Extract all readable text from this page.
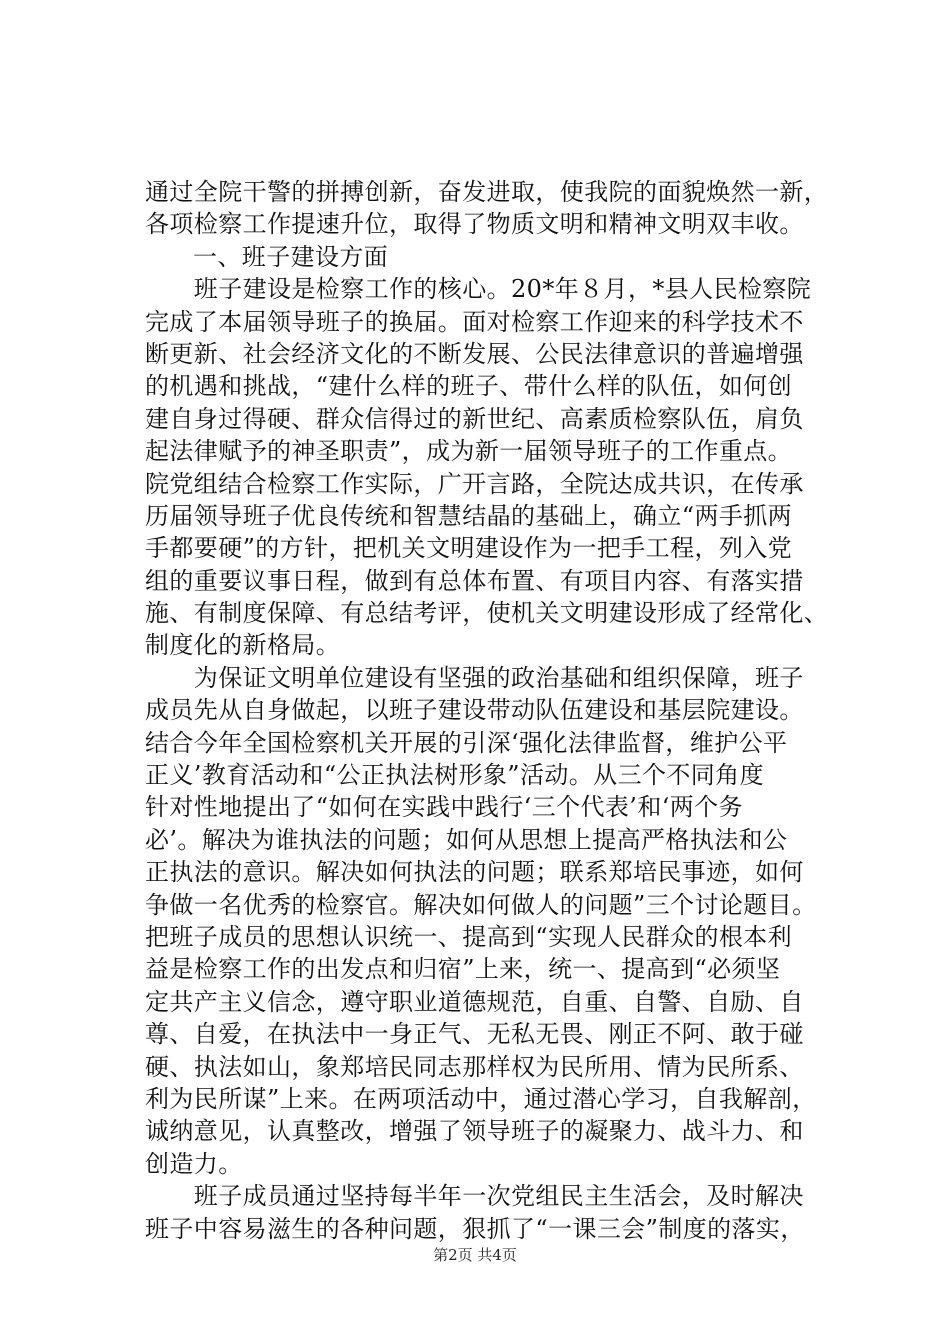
通过全院干警的拼搏创新，奋发进取，使我院的面貌焕然一新，
各项检察工作提速升位，取得了物质文明和精神文明双丰收。
一、班子建设方面
　　班子建设是检察工作的核心。20*年８月，*县人民检察院
完成了本届领导班子的换届。面对检察工作迎来的科学技术不
断更新、社会经济文化的不断发展、公民法律意识的普遍增强
的机遇和挑战，“建什么样的班子、带什么样的队伍，如何创
建自身过得硬、群众信得过的新世纪、高素质检察队伍，肩负
起法律赋予的神圣职责”，成为新一届领导班子的工作重点。
院党组结合检察工作实际，广开言路，全院达成共识，在传承
历届领导班子优良传统和智慧结晶的基础上，确立“两手抓两
手都要硬”的方针，把机关文明建设作为一把手工程，列入党
组的重要议事日程，做到有总体布置、有项目内容、有落实措
施、有制度保障、有总结考评，使机关文明建设形成了经常化、
制度化的新格局。
　　为保证文明单位建设有坚强的政治基础和组织保障，班子
成员先从自身做起，以班子建设带动队伍建设和基层院建设。
结合今年全国检察机关开展的引深‘强化法律监督，维护公平
正义’教育活动和“公正执法树形象”活动。从三个不同角度
针对性地提出了“如何在实践中践行‘三个代表’和‘两个务
必’。解决为谁执法的问题；如何从思想上提高严格执法和公
正执法的意识。解决如何执法的问题；联系郑培民事迹，如何
争做一名优秀的检察官。解决如何做人的问题”三个讨论题目。
把班子成员的思想认识统一、提高到“实现人民群众的根本利
益是检察工作的出发点和归宿”上来，统一、提高到“必须坚
定共产主义信念，遵守职业道德规范，自重、自警、自励、自
尊、自爱，在执法中一身正气、无私无畏、刚正不阿、敢于碰
硬、执法如山，象郑培民同志那样权为民所用、情为民所系、
利为民所谋”上来。在两项活动中，通过潜心学习，自我解剖，
诚纳意见，认真整改，增强了领导班子的凝聚力、战斗力、和
创造力。
　　班子成员通过坚持每半年一次党组民主生活会，及时解决
班子中容易滋生的各种问题，狠抓了“一课三会”制度的落实，
第2页 共4页
